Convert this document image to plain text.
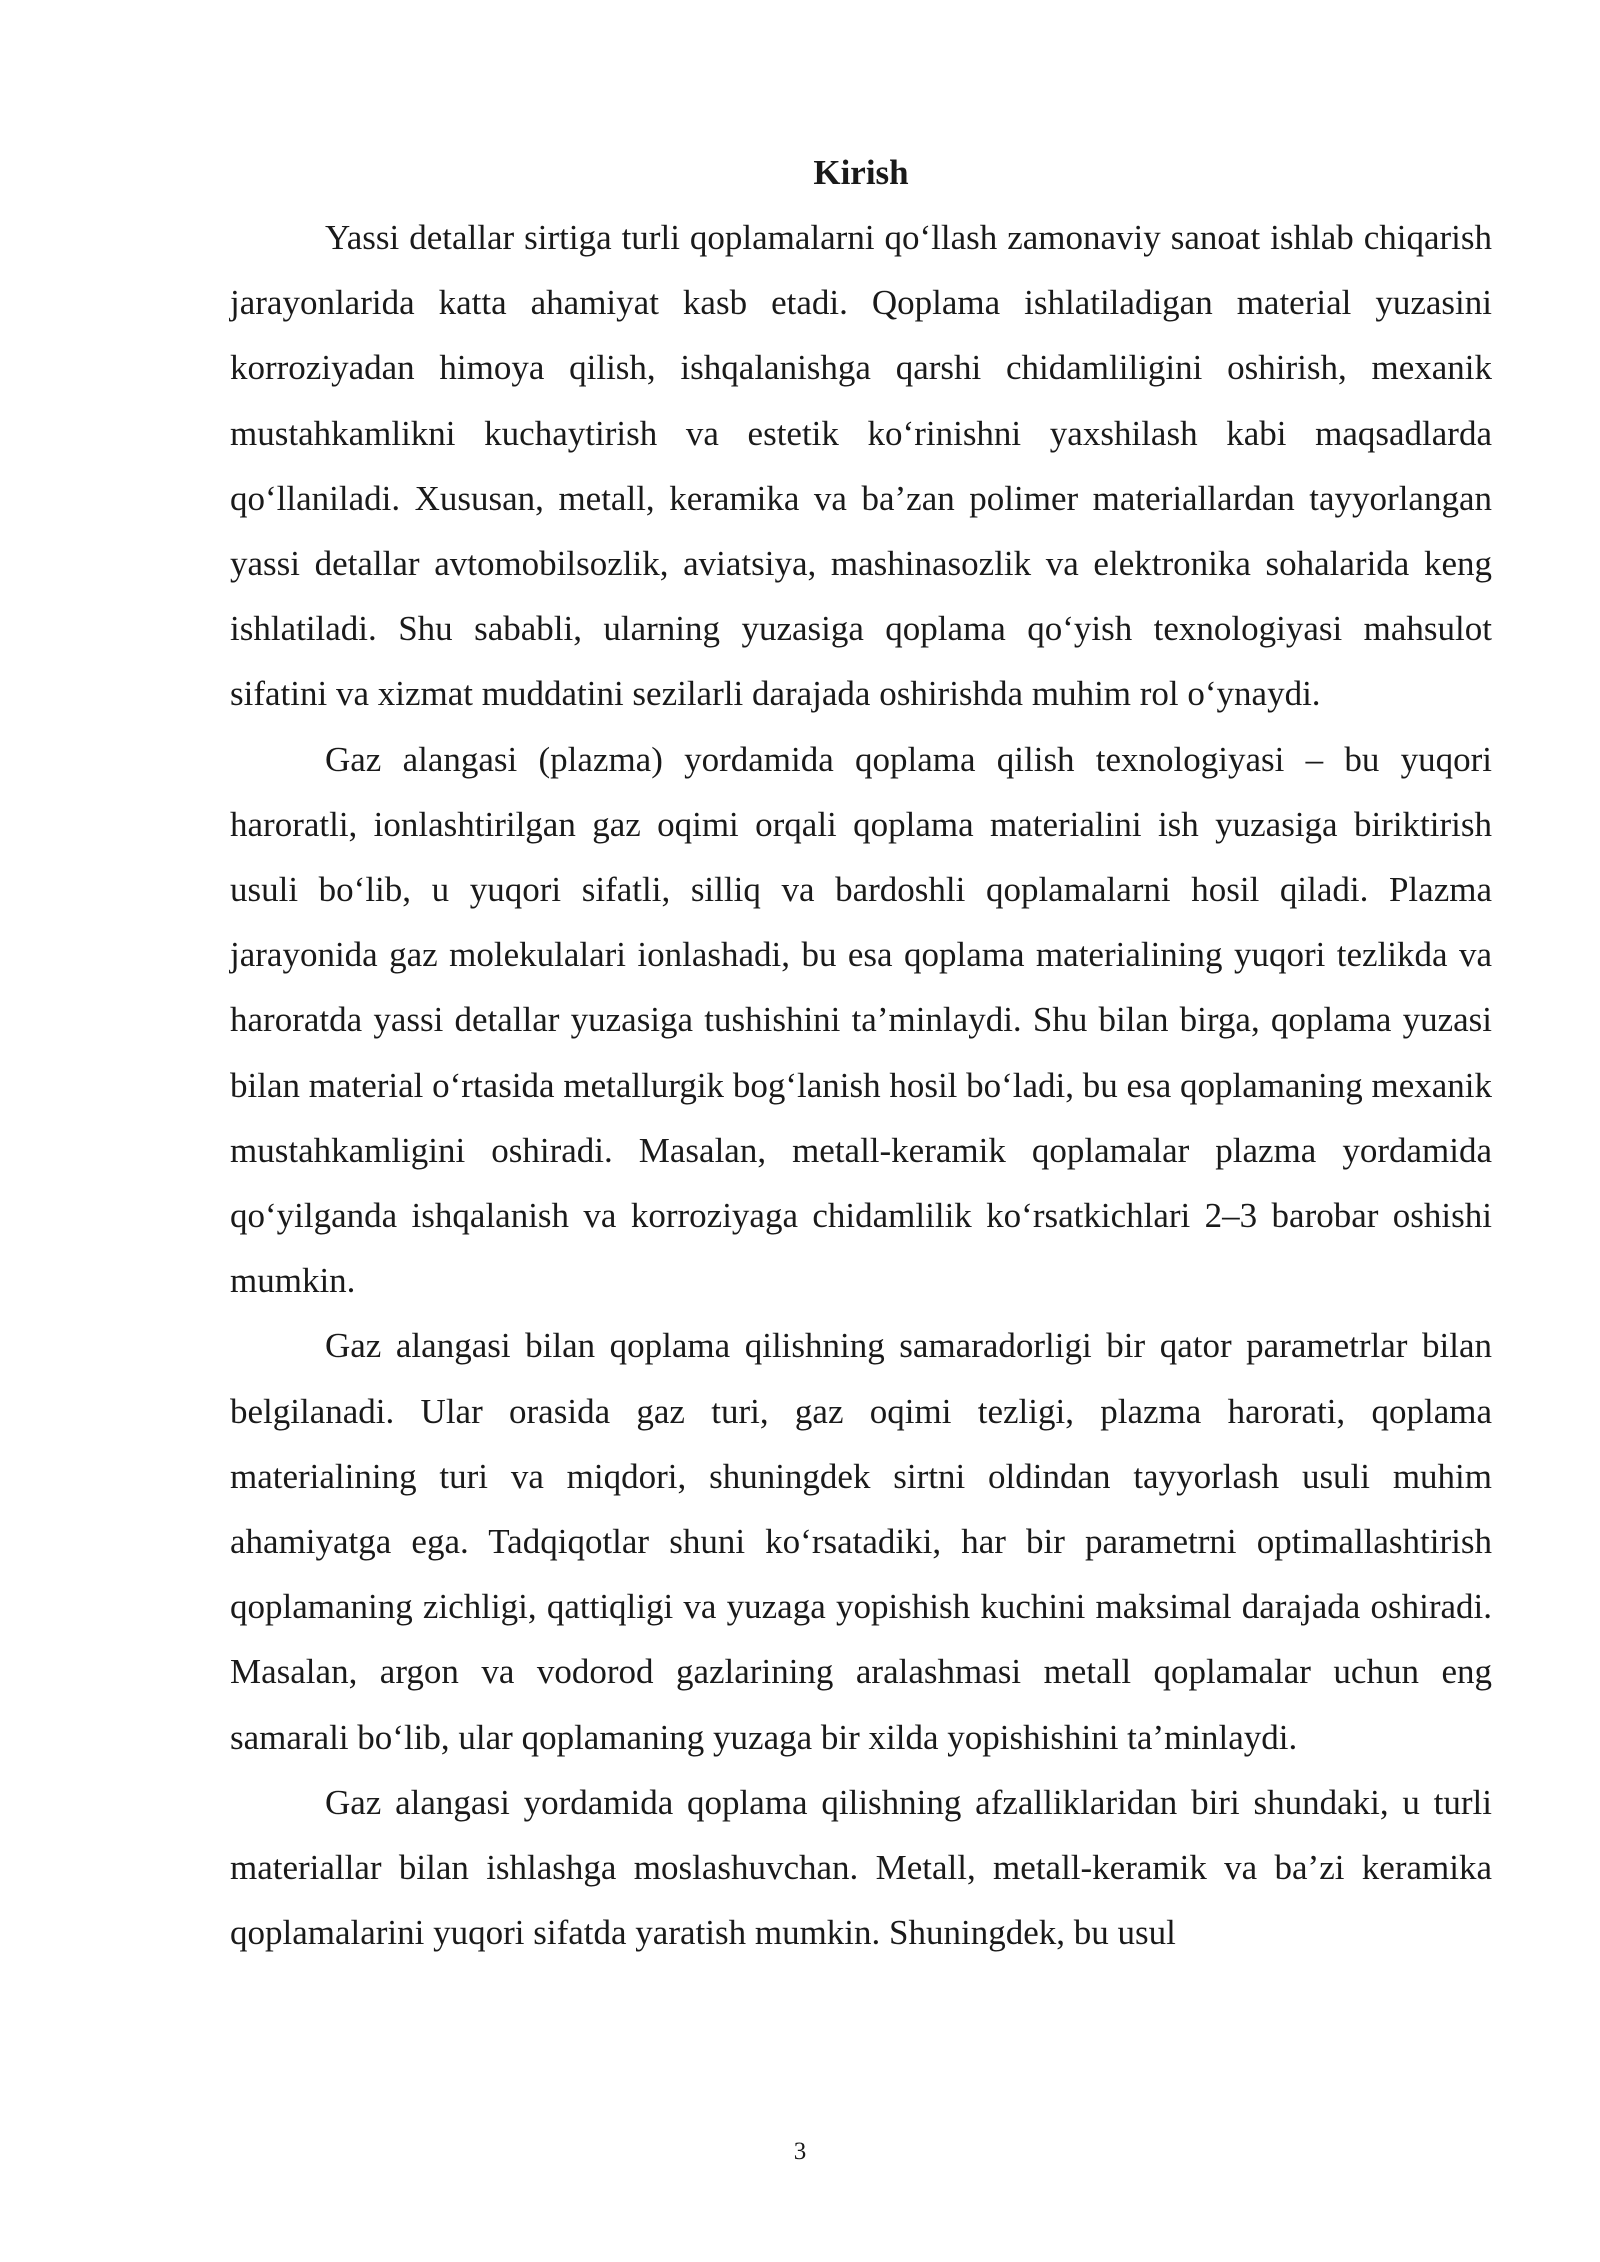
Kirish

Yassi detallar sirtiga turli qoplamalarni qo‘llash zamonaviy sanoat ishlab chiqarish jarayonlarida katta ahamiyat kasb etadi. Qoplama ishlatiladigan material yuzasini korroziyadan himoya qilish, ishqalanishga qarshi chidamliligini oshirish, mexanik mustahkamlikni kuchaytirish va estetik ko‘rinishni yaxshilash kabi maqsadlarda qo‘llaniladi. Xususan, metall, keramika va ba’zan polimer materiallardan tayyorlangan yassi detallar avtomobilsozlik, aviatsiya, mashinasozlik va elektronika sohalarida keng ishlatiladi. Shu sababli, ularning yuzasiga qoplama qo‘yish texnologiyasi mahsulot sifatini va xizmat muddatini sezilarli darajada oshirishda muhim rol o‘ynaydi.

Gaz alangasi (plazma) yordamida qoplama qilish texnologiyasi – bu yuqori haroratli, ionlashtirilgan gaz oqimi orqali qoplama materialini ish yuzasiga biriktirish usuli bo‘lib, u yuqori sifatli, silliq va bardoshli qoplamalarni hosil qiladi. Plazma jarayonida gaz molekulalari ionlashadi, bu esa qoplama materialining yuqori tezlikda va haroratda yassi detallar yuzasiga tushishini ta’minlaydi. Shu bilan birga, qoplama yuzasi bilan material o‘rtasida metallurgik bog‘lanish hosil bo‘ladi, bu esa qoplamaning mexanik mustahkamligini oshiradi. Masalan, metall-keramik qoplamalar plazma yordamida qo‘yilganda ishqalanish va korroziyaga chidamlilik ko‘rsatkichlari 2–3 barobar oshishi mumkin.

Gaz alangasi bilan qoplama qilishning samaradorligi bir qator parametrlar bilan belgilanadi. Ular orasida gaz turi, gaz oqimi tezligi, plazma harorati, qoplama materialining turi va miqdori, shuningdek sirtni oldindan tayyorlash usuli muhim ahamiyatga ega. Tadqiqotlar shuni ko‘rsatadiki, har bir parametrni optimallashtirish qoplamaning zichligi, qattiqligi va yuzaga yopishish kuchini maksimal darajada oshiradi. Masalan, argon va vodorod gazlarining aralashmasi metall qoplamalar uchun eng samarali bo‘lib, ular qoplamaning yuzaga bir xilda yopishishini ta’minlaydi.

Gaz alangasi yordamida qoplama qilishning afzalliklaridan biri shundaki, u turli materiallar bilan ishlashga moslashuvchan. Metall, metall-keramik va ba’zi keramika qoplamalarini yuqori sifatda yaratish mumkin. Shuningdek, bu usul

3
